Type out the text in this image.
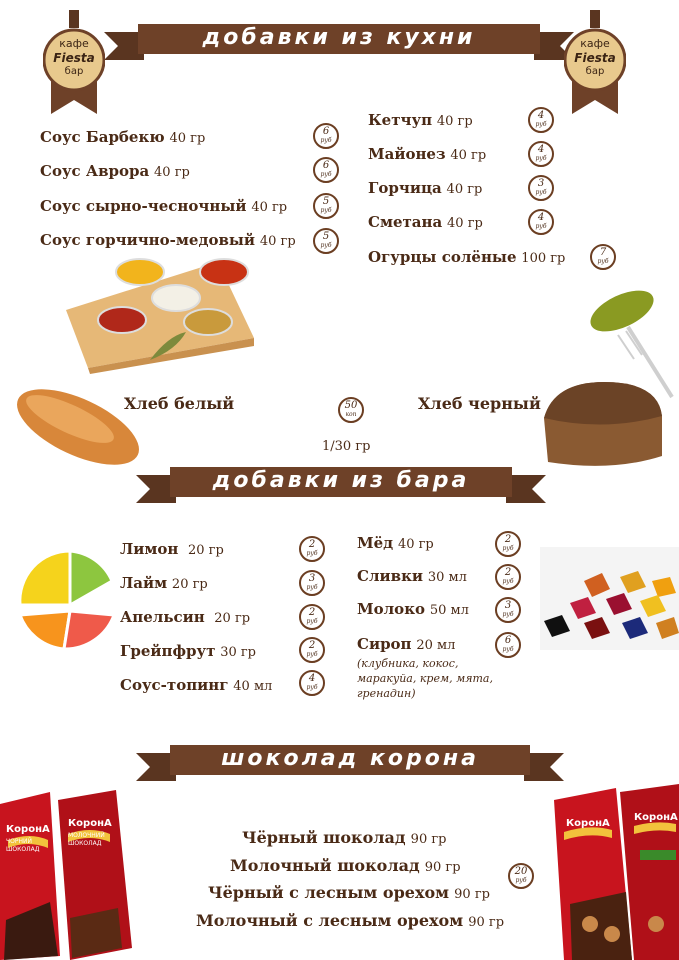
добавки из кухни
кафе
Fiesta
бар
кафе
Fiesta
бар
Соус Барбекю 40 гр	6
руб
Соус Аврора 40 гр	6
руб
Соус сырно-чесночный 40 гр	5
руб
Соус горчично-медовый 40 гр	5
руб
Кетчуп 40 гр	4
руб
Майонез 40 гр	4
руб
Горчица 40 гр	3
руб
Сметана 40 гр	4
руб
Огурцы солёные 100 гр	7
руб
Хлеб белый	50
коп
1/30 гр
Хлеб черный
добавки из бара
Лимон 20 гр	2
руб
Лайм 20 гр	3
руб
Апельсин 20 гр	2
руб
Грейпфрут 30 гр	2
руб
Соус-топинг 40 мл
4
руб
Мёд 40 гр	2
руб
Сливки 30 мл	2
руб
Молоко 50 мл	3
руб
Сироп 20 мл	6
руб
(клубника, кокос, маракуйа, крем, мята, гренадин)
шоколад корона
КоронА
КоронА
ЧОРНИЙ ШОКОЛАД
МОЛОЧНИЙ ШОКОЛАД	Чёрный шоколад 90 гр
Молочный шоколад 90 гр
Чёрный с лесным орехом 90 гр
Молочный с лесным орехом 90 гр
20
руб
КоронА
КоронА
